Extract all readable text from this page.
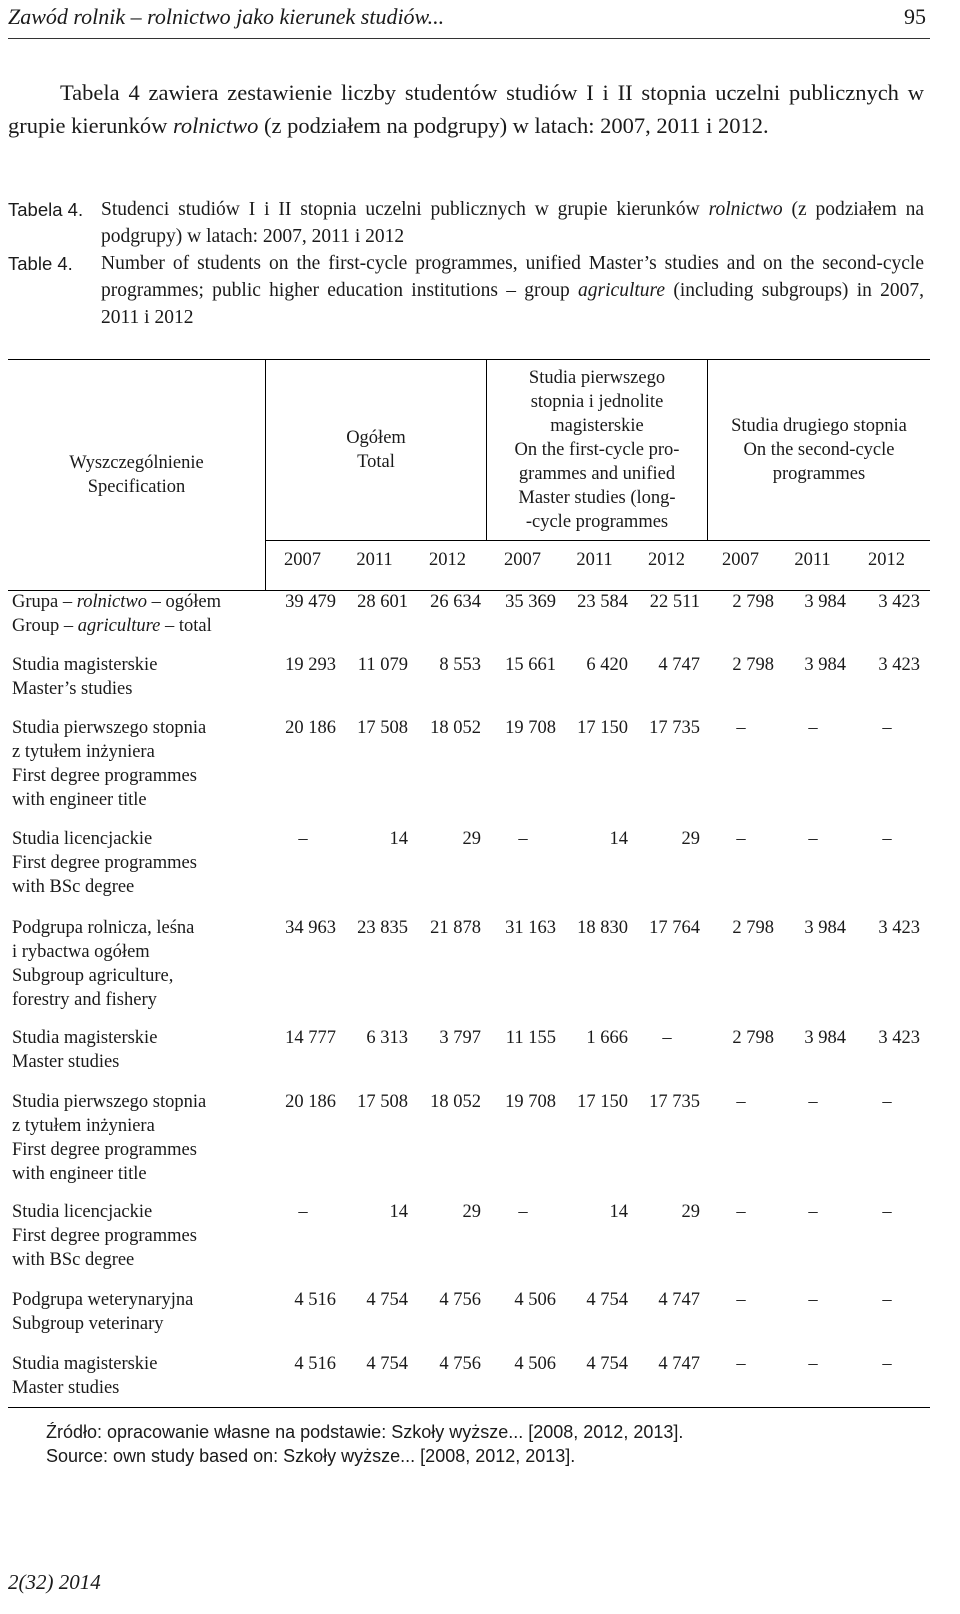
Zawód rolnik – rolnictwo jako kierunek studiów...	95

Tabela 4 zawiera zestawienie liczby studentów studiów I i II stopnia uczelni publicznych w grupie kierunków rolnictwo (z podziałem na podgrupy) w latach: 2007, 2011 i 2012.

Tabela 4. Studenci studiów I i II stopnia uczelni publicznych w grupie kierunków rolnictwo (z podziałem na podgrupy) w latach: 2007, 2011 i 2012
Table 4. Number of students on the first-cycle programmes, unified Master’s studies and on the second-cycle programmes; public higher education institutions – group agriculture (including subgroups) in 2007, 2011 i 2012
Wyszczególnienie
Specification
Ogółem
Total
Studia pierwszego
stopnia i jednolite
magisterskie
On the first-cycle pro-
grammes and unified
Master studies (long-
-cycle programmes
Studia drugiego stopnia
On the second-cycle
programmes
2007	2011	2012	2007	2011	2012	2007	2011	2012
Grupa – rolnictwo – ogółem
Group – agriculture – total
39 479	28 601	26 634	35 369	23 584	22 511	2 798	3 984	3 423
Studia magisterskie
Master’s studies
19 293	11 079	8 553	15 661	6 420	4 747	2 798	3 984	3 423
Studia pierwszego stopnia
z tytułem inżyniera
First degree programmes
with engineer title
20 186	17 508	18 052	19 708	17 150	17 735	–	–	–
Studia licencjackie
First degree programmes
with BSc degree
–	14	29	–	14	29	–	–	–
Podgrupa rolnicza, leśna
i rybactwa ogółem
Subgroup agriculture,
forestry and fishery
34 963	23 835	21 878	31 163	18 830	17 764	2 798	3 984	3 423
Studia magisterskie
Master studies
14 777	6 313	3 797	11 155	1 666	–	2 798	3 984	3 423
Studia pierwszego stopnia
z tytułem inżyniera
First degree programmes
with engineer title
20 186	17 508	18 052	19 708	17 150	17 735	–	–	–
Studia licencjackie
First degree programmes
with BSc degree
–	14	29	–	14	29	–	–	–
Podgrupa weterynaryjna
Subgroup veterinary
4 516	4 754	4 756	4 506	4 754	4 747	–	–	–
Studia magisterskie
Master studies
4 516	4 754	4 756	4 506	4 754	4 747	–	–	–
Źródło: opracowanie własne na podstawie: Szkoły wyższe... [2008, 2012, 2013].
Source: own study based on: Szkoły wyższe... [2008, 2012, 2013].
2(32) 2014
